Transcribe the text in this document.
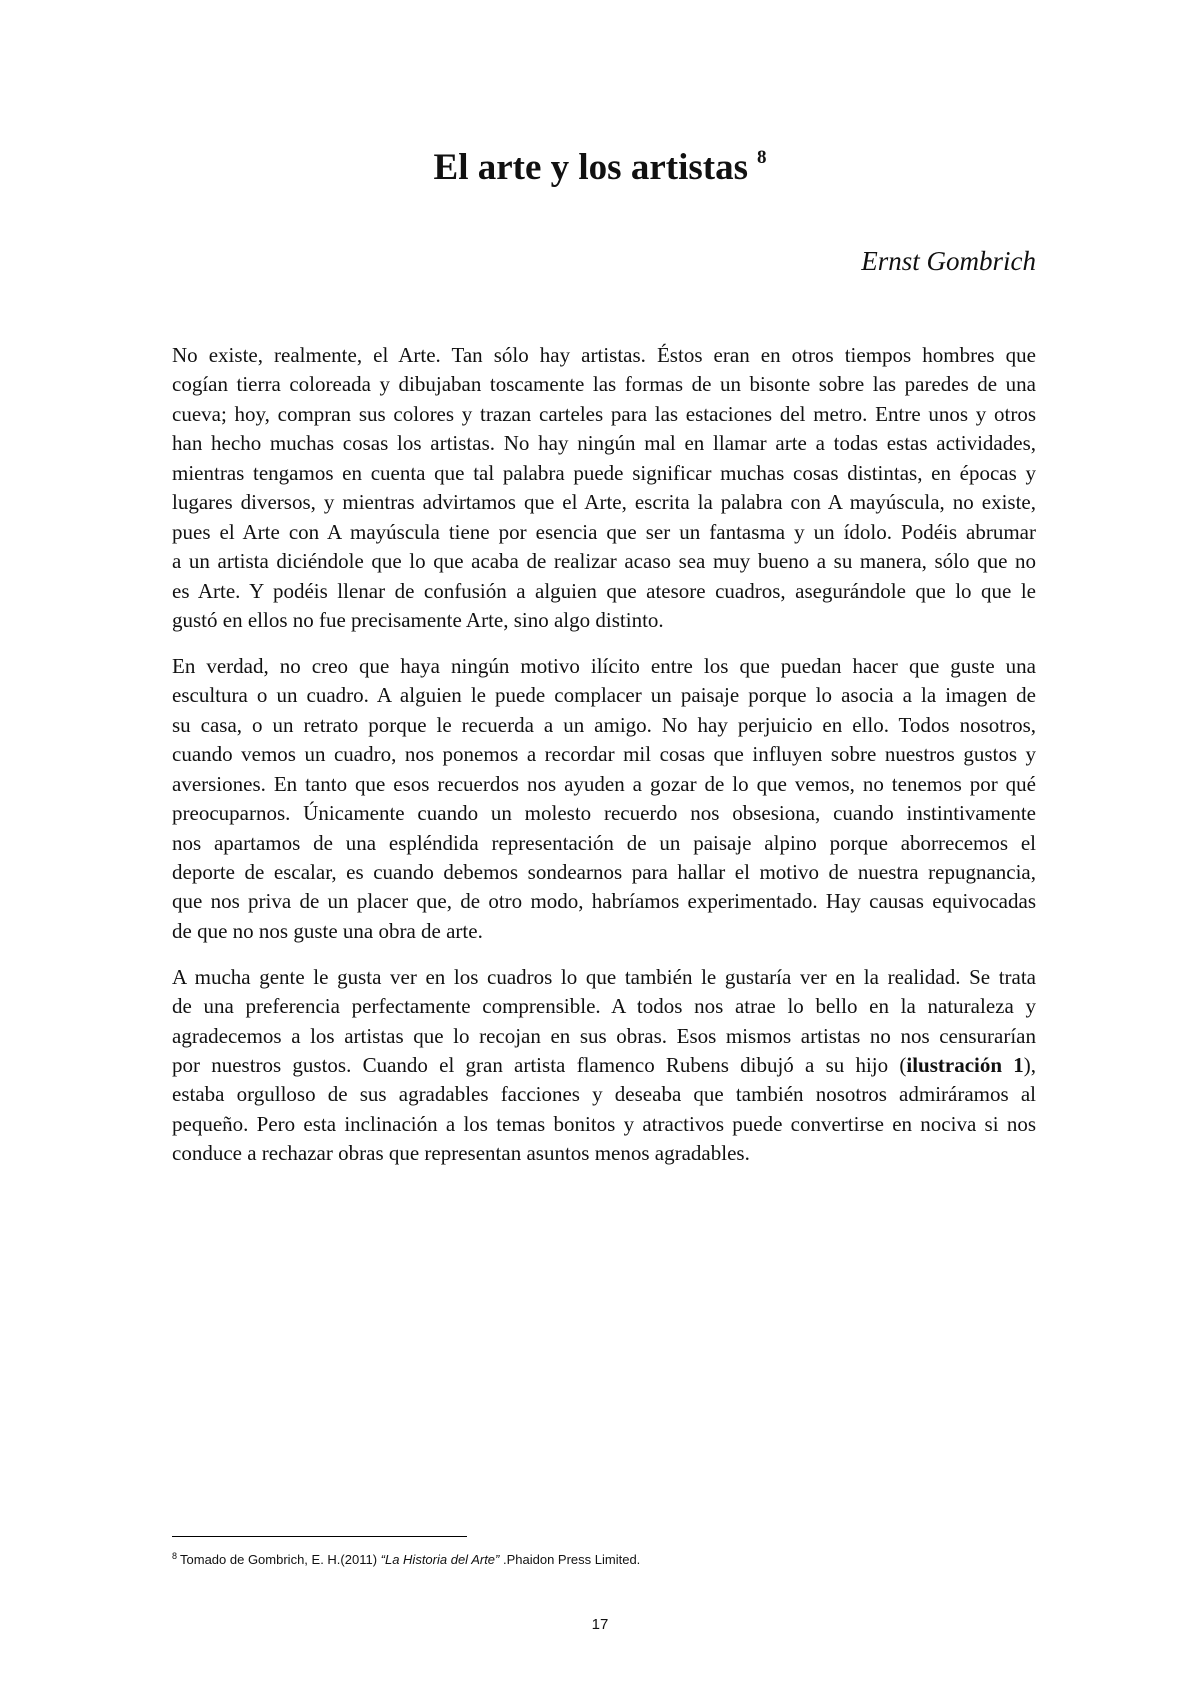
El arte y los artistas 8
Ernst Gombrich
No existe, realmente, el Arte. Tan sólo hay artistas. Éstos eran en otros tiempos hombres que
cogían tierra coloreada y dibujaban toscamente las formas de un bisonte sobre las paredes de una
cueva; hoy, compran sus colores y trazan carteles para las estaciones del metro. Entre unos y otros
han hecho muchas cosas los artistas. No hay ningún mal en llamar arte a todas estas actividades,
mientras tengamos en cuenta que tal palabra puede significar muchas cosas distintas, en épocas y
lugares diversos, y mientras advirtamos que el Arte, escrita la palabra con A mayúscula, no existe,
pues el Arte con A mayúscula tiene por esencia que ser un fantasma y un ídolo. Podéis abrumar
a un artista diciéndole que lo que acaba de realizar acaso sea muy bueno a su manera, sólo que no
es Arte. Y podéis llenar de confusión a alguien que atesore cuadros, asegurándole que lo que le
gustó en ellos no fue precisamente Arte, sino algo distinto.
En verdad, no creo que haya ningún motivo ilícito entre los que puedan hacer que guste una
escultura o un cuadro. A alguien le puede complacer un paisaje porque lo asocia a la imagen de
su casa, o un retrato porque le recuerda a un amigo. No hay perjuicio en ello. Todos nosotros,
cuando vemos un cuadro, nos ponemos a recordar mil cosas que influyen sobre nuestros gustos y
aversiones. En tanto que esos recuerdos nos ayuden a gozar de lo que vemos, no tenemos por qué
preocuparnos. Únicamente cuando un molesto recuerdo nos obsesiona, cuando instintivamente
nos apartamos de una espléndida representación de un paisaje alpino porque aborrecemos el
deporte de escalar, es cuando debemos sondearnos para hallar el motivo de nuestra repugnancia,
que nos priva de un placer que, de otro modo, habríamos experimentado. Hay causas equivocadas
de que no nos guste una obra de arte.
A mucha gente le gusta ver en los cuadros lo que también le gustaría ver en la realidad. Se trata
de una preferencia perfectamente comprensible. A todos nos atrae lo bello en la naturaleza y
agradecemos a los artistas que lo recojan en sus obras. Esos mismos artistas no nos censurarían
por nuestros gustos. Cuando el gran artista flamenco Rubens dibujó a su hijo (ilustración 1),
estaba orgulloso de sus agradables facciones y deseaba que también nosotros admiráramos al
pequeño. Pero esta inclinación a los temas bonitos y atractivos puede convertirse en nociva si nos
conduce a rechazar obras que representan asuntos menos agradables.
8 Tomado de Gombrich, E. H.(2011) “La Historia del Arte” .Phaidon Press Limited.
17
